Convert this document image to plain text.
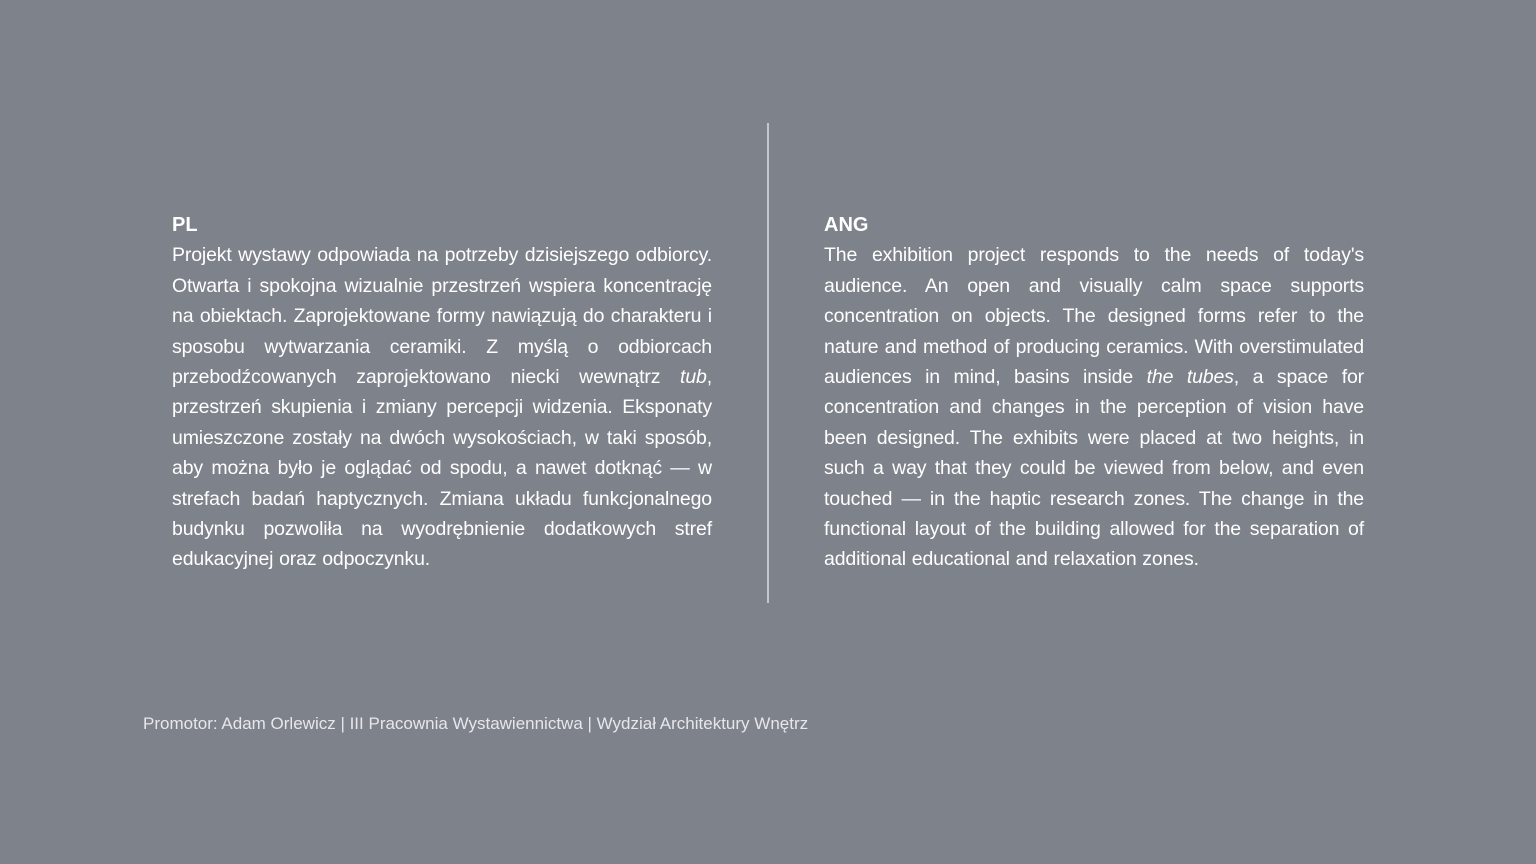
PL

Projekt wystawy odpowiada na potrzeby dzisiejszego odbiorcy. Otwarta i spokojna wizualnie przestrzeń wspiera koncentrację na obiektach. Zaprojektowane formy nawiązują do charakteru i sposobu wytwarzania ceramiki. Z myślą o odbiorcach przebodźcowanych zaprojektowano niecki wewnątrz tub, przestrzeń skupienia i zmiany percepcji widzenia. Eksponaty umieszczone zostały na dwóch wysokościach, w taki sposób, aby można było je oglądać od spodu, a nawet dotknąć — w strefach badań haptycznych. Zmiana układu funkcjonalnego budynku pozwoliła na wyodrębnienie dodatkowych stref edukacyjnej oraz odpoczynku.

ANG

The exhibition project responds to the needs of today's audience. An open and visually calm space supports concentration on objects. The designed forms refer to the nature and method of producing ceramics. With overstimulated audiences in mind, basins inside the tubes, a space for concentration and changes in the perception of vision have been designed. The exhibits were placed at two heights, in such a way that they could be viewed from below, and even touched — in the haptic research zones. The change in the functional layout of the building allowed for the separation of additional educational and relaxation zones.

Promotor: Adam Orlewicz | III Pracownia Wystawiennictwa | Wydział Architektury Wnętrz
